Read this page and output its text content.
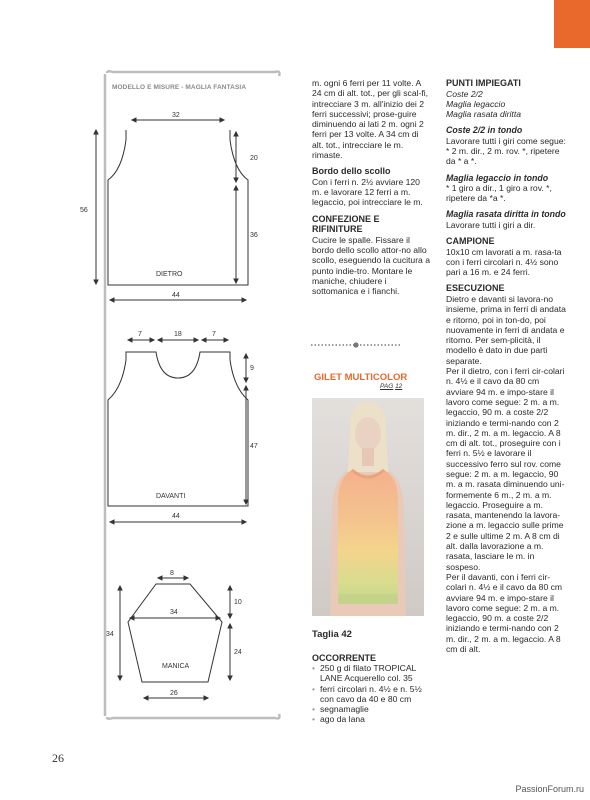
MODELLO E MISURE - MAGLIA FANTASIA
32
20
36
56
44
DIETRO
7	18	7
9
47
44
DAVANTI
8
34
10
24
34
26
MANICA

m. ogni 6 ferri per 11 volte. A 24 cm di alt. tot., per gli scal-fi, intrecciare 3 m. all'inizio dei 2 ferri successivi; prose-guire diminuendo ai lati 2 m. ogni 2 ferri per 13 volte. A 34 cm di alt. tot., intrecciare le m. rimaste.

Bordo dello scollo

Con i ferri n. 2½ avviare 120 m. e lavorare 12 ferri a m. legaccio, poi intrecciare le m.

CONFEZIONE E RIFINITURE

Cucire le spalle. Fissare il bordo dello scollo attor-no allo scollo, eseguendo la cucitura a punto indie-tro. Montare le maniche, chiudere i sottomanica e i fianchi.

GILET MULTICOLOR
PAG 12

Taglia 42

OCCORRENTE

• 250 g di filato TROPICAL LANE Acquerello col. 35

• ferri circolari n. 4½ e n. 5½ con cavo da 40 e 80 cm

• segnamaglie

• ago da lana

PUNTI IMPIEGATI

Coste 2/2

Maglia legaccio

Maglia rasata diritta

Coste 2/2 in tondo

Lavorare tutti i giri come segue: * 2 m. dir., 2 m. rov. *, ripetere da * a *.

Maglia legaccio in tondo

* 1 giro a dir., 1 giro a rov. *, ripetere da *a *.

Maglia rasata diritta in tondo

Lavorare tutti i giri a dir.

CAMPIONE

10x10 cm lavorati a m. rasa-ta con i ferri circolari n. 4½ sono pari a 16 m. e 24 ferri.

ESECUZIONE

Dietro e davanti si lavora-no insieme, prima in ferri di andata e ritorno, poi in ton-do, poi nuovamente in ferri di andata e ritorno. Per sem-plicità, il modello è dato in due parti separate.

Per il dietro, con i ferri cir-colari n. 4½ e il cavo da 80 cm avviare 94 m. e impo-stare il lavoro come segue: 2 m. a m. legaccio, 90 m. a coste 2/2 iniziando e termi-nando con 2 m. dir., 2 m. a m. legaccio. A 8 cm di alt. tot., proseguire con i ferri n. 5½ e lavorare il successivo ferro sul rov. come segue: 2 m. a m. legaccio, 90 m. a m. rasata diminuendo uni-formemente 6 m., 2 m. a m. legaccio. Proseguire a m. rasata, mantenendo la lavora-zione a m. legaccio sulle prime 2 e sulle ultime 2 m. A 8 cm di alt. dalla lavorazione a m. rasata, lasciare le m. in sospeso.

Per il davanti, con i ferri cir-colari n. 4½ e il cavo da 80 cm avviare 94 m. e impo-stare il lavoro come segue: 2 m. a m. legaccio, 90 m. a coste 2/2 iniziando e termi-nando con 2 m. dir., 2 m. a m. legaccio. A 8 cm di alt.

26
PassionForum.ru
